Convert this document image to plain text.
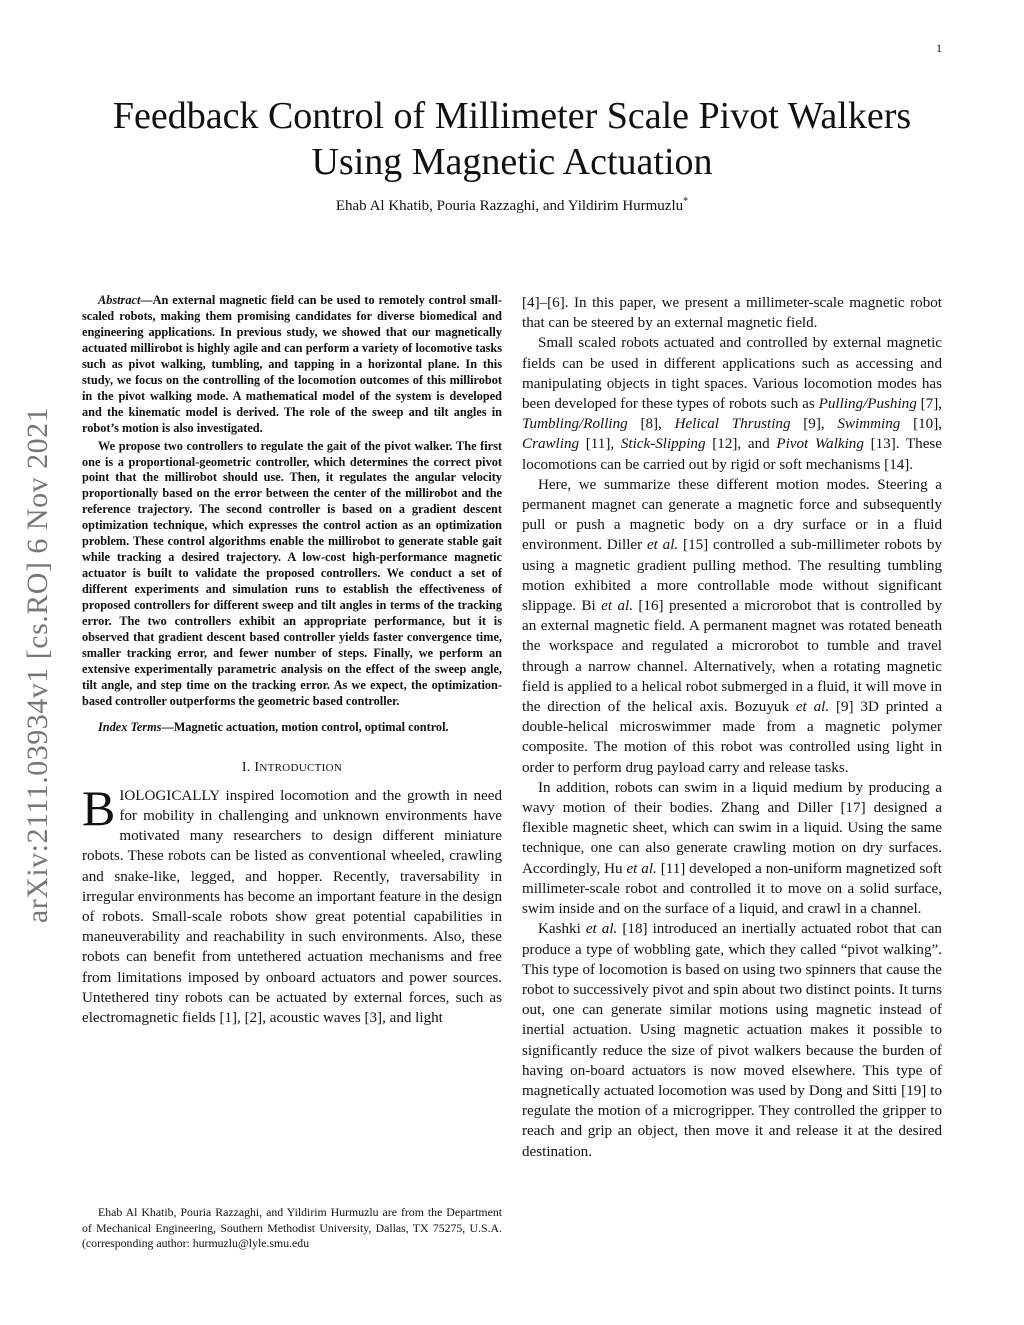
1
arXiv:2111.03934v1 [cs.RO] 6 Nov 2021
Feedback Control of Millimeter Scale Pivot Walkers Using Magnetic Actuation
Ehab Al Khatib, Pouria Razzaghi, and Yildirim Hurmuzlu*

Abstract—An external magnetic field can be used to remotely control small-scaled robots, making them promising candidates for diverse biomedical and engineering applications. In previous study, we showed that our magnetically actuated millirobot is highly agile and can perform a variety of locomotive tasks such as pivot walking, tumbling, and tapping in a horizontal plane. In this study, we focus on the controlling of the locomotion outcomes of this millirobot in the pivot walking mode. A mathematical model of the system is developed and the kinematic model is derived. The role of the sweep and tilt angles in robot’s motion is also investigated.

We propose two controllers to regulate the gait of the pivot walker. The first one is a proportional-geometric controller, which determines the correct pivot point that the millirobot should use. Then, it regulates the angular velocity proportionally based on the error between the center of the millirobot and the reference trajectory. The second controller is based on a gradient descent optimization technique, which expresses the control action as an optimization problem. These control algorithms enable the millirobot to generate stable gait while tracking a desired trajectory. A low-cost high-performance magnetic actuator is built to validate the proposed controllers. We conduct a set of different experiments and simulation runs to establish the effectiveness of proposed controllers for different sweep and tilt angles in terms of the tracking error. The two controllers exhibit an appropriate performance, but it is observed that gradient descent based controller yields faster convergence time, smaller tracking error, and fewer number of steps. Finally, we perform an extensive experimentally parametric analysis on the effect of the sweep angle, tilt angle, and step time on the tracking error. As we expect, the optimization-based controller outperforms the geometric based controller.

Index Terms—Magnetic actuation, motion control, optimal control.

I. INTRODUCTION

BIOLOGICALLY inspired locomotion and the growth in need for mobility in challenging and unknown environments have motivated many researchers to design different miniature robots. These robots can be listed as conventional wheeled, crawling and snake-like, legged, and hopper. Recently, traversability in irregular environments has become an important feature in the design of robots. Small-scale robots show great potential capabilities in maneuverability and reachability in such environments. Also, these robots can benefit from untethered actuation mechanisms and free from limitations imposed by onboard actuators and power sources. Untethered tiny robots can be actuated by external forces, such as electromagnetic fields [1], [2], acoustic waves [3], and light

Ehab Al Khatib, Pouria Razzaghi, and Yildirim Hurmuzlu are from the Department of Mechanical Engineering, Southern Methodist University, Dallas, TX 75275, U.S.A. (corresponding author: hurmuzlu@lyle.smu.edu

[4]–[6]. In this paper, we present a millimeter-scale magnetic robot that can be steered by an external magnetic field.

Small scaled robots actuated and controlled by external magnetic fields can be used in different applications such as accessing and manipulating objects in tight spaces. Various locomotion modes has been developed for these types of robots such as Pulling/Pushing [7], Tumbling/Rolling [8], Helical Thrusting [9], Swimming [10], Crawling [11], Stick-Slipping [12], and Pivot Walking [13]. These locomotions can be carried out by rigid or soft mechanisms [14].

Here, we summarize these different motion modes. Steering a permanent magnet can generate a magnetic force and subsequently pull or push a magnetic body on a dry surface or in a fluid environment. Diller et al. [15] controlled a sub-millimeter robots by using a magnetic gradient pulling method. The resulting tumbling motion exhibited a more controllable mode without significant slippage. Bi et al. [16] presented a microrobot that is controlled by an external magnetic field. A permanent magnet was rotated beneath the workspace and regulated a microrobot to tumble and travel through a narrow channel. Alternatively, when a rotating magnetic field is applied to a helical robot submerged in a fluid, it will move in the direction of the helical axis. Bozuyuk et al. [9] 3D printed a double-helical microswimmer made from a magnetic polymer composite. The motion of this robot was controlled using light in order to perform drug payload carry and release tasks.

In addition, robots can swim in a liquid medium by producing a wavy motion of their bodies. Zhang and Diller [17] designed a flexible magnetic sheet, which can swim in a liquid. Using the same technique, one can also generate crawling motion on dry surfaces. Accordingly, Hu et al. [11] developed a non-uniform magnetized soft millimeter-scale robot and controlled it to move on a solid surface, swim inside and on the surface of a liquid, and crawl in a channel.

Kashki et al. [18] introduced an inertially actuated robot that can produce a type of wobbling gate, which they called “pivot walking”. This type of locomotion is based on using two spinners that cause the robot to successively pivot and spin about two distinct points. It turns out, one can generate similar motions using magnetic instead of inertial actuation. Using magnetic actuation makes it possible to significantly reduce the size of pivot walkers because the burden of having on-board actuators is now moved elsewhere. This type of magnetically actuated locomotion was used by Dong and Sitti [19] to regulate the motion of a microgripper. They controlled the gripper to reach and grip an object, then move it and release it at the desired destination.
